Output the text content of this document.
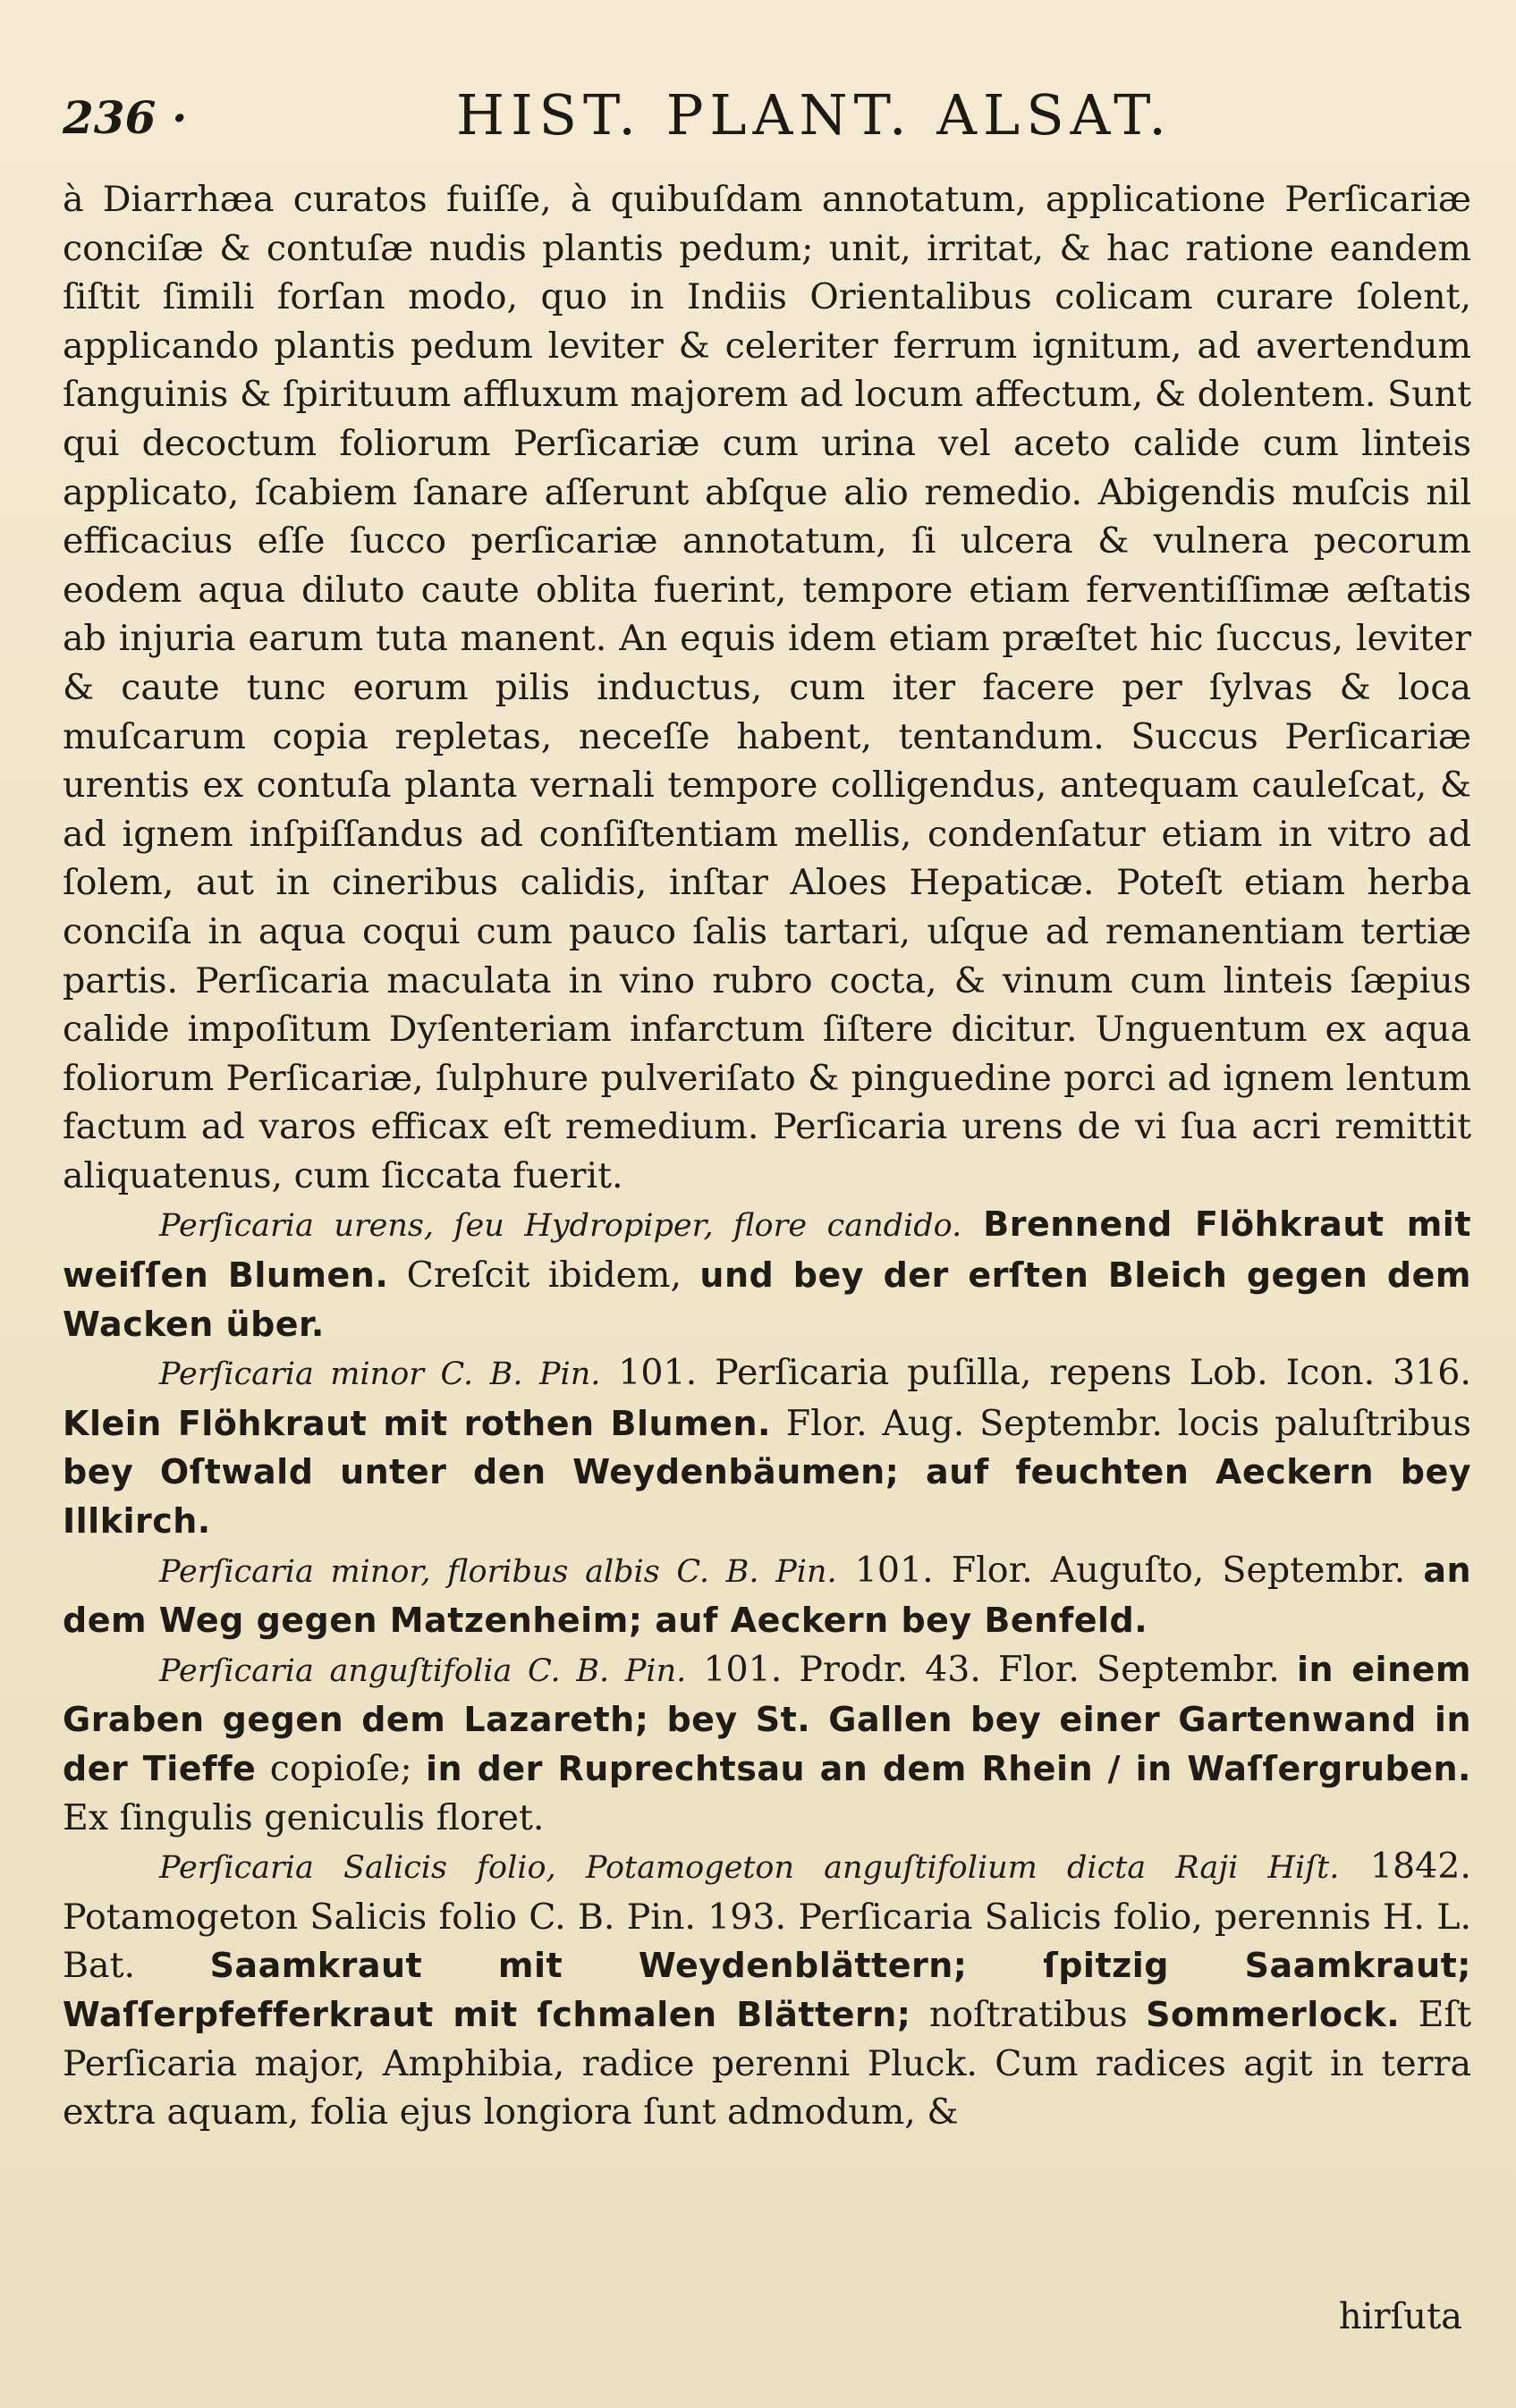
236 ·	HIST. PLANT. ALSAT.

à Diarrhæa curatos fuiſſe, à quibuſdam annotatum, applicatione Perſicariæ conciſæ & contuſæ nudis plantis pedum; unit, irritat, & hac ratione eandem ſiſtit ſimili forſan modo, quo in Indiis Orientalibus colicam curare ſolent, applicando plantis pedum leviter & celeriter ferrum ignitum, ad avertendum ſanguinis & ſpirituum affluxum majorem ad locum affectum, & dolentem. Sunt qui decoctum foliorum Perſicariæ cum urina vel aceto calide cum linteis applicato, ſcabiem ſanare aſſerunt abſque alio remedio. Abigendis muſcis nil efficacius eſſe ſucco perſicariæ annotatum, ſi ulcera & vulnera pecorum eodem aqua diluto caute oblita fuerint, tempore etiam ferventiſſimæ æſtatis ab injuria earum tuta manent. An equis idem etiam præſtet hic ſuccus, leviter & caute tunc eorum pilis inductus, cum iter facere per ſylvas & loca muſcarum copia repletas, neceſſe habent, tentandum. Succus Perſicariæ urentis ex contuſa planta vernali tempore colligendus, antequam cauleſcat, & ad ignem inſpiſſandus ad conſiſtentiam mellis, condenſatur etiam in vitro ad ſolem, aut in cineribus calidis, inſtar Aloes Hepaticæ. Poteſt etiam herba conciſa in aqua coqui cum pauco ſalis tartari, uſque ad remanentiam tertiæ partis. Perſicaria maculata in vino rubro cocta, & vinum cum linteis ſæpius calide impoſitum Dyſenteriam infarctum ſiſtere dicitur. Unguentum ex aqua foliorum Perſicariæ, ſulphure pulveriſato & pinguedine porci ad ignem lentum factum ad varos efficax eſt remedium. Perſicaria urens de vi ſua acri remittit aliquatenus, cum ſiccata fuerit.

Perſicaria urens, ſeu Hydropiper, flore candido. Brennend Flöhkraut mit weiſſen Blumen. Creſcit ibidem, und bey der erſten Bleich gegen dem Wacken über.

Perſicaria minor C. B. Pin. 101. Perſicaria puſilla, repens Lob. Icon. 316. Klein Flöhkraut mit rothen Blumen. Flor. Aug. Septembr. locis paluſtribus bey Oſtwald unter den Weydenbäumen; auf feuchten Aeckern bey Illkirch.

Perſicaria minor, floribus albis C. B. Pin. 101. Flor. Auguſto, Septembr. an dem Weg gegen Matzenheim; auf Aeckern bey Benfeld.

Perſicaria anguſtifolia C. B. Pin. 101. Prodr. 43. Flor. Septembr. in einem Graben gegen dem Lazareth; bey St. Gallen bey einer Gartenwand in der Tieffe copioſe; in der Ruprechtsau an dem Rhein / in Waſſergruben. Ex ſingulis geniculis floret.

Perſicaria Salicis folio, Potamogeton anguſtifolium dicta Raji Hiſt. 1842. Potamogeton Salicis folio C. B. Pin. 193. Perſicaria Salicis folio, perennis H. L. Bat. Saamkraut mit Weydenblättern; ſpitzig Saamkraut; Waſſerpfefferkraut mit ſchmalen Blättern; noſtratibus Sommerlock. Eſt Perſicaria major, Amphibia, radice perenni Pluck. Cum radices agit in terra extra aquam, folia ejus longiora ſunt admodum, &

hirſuta
